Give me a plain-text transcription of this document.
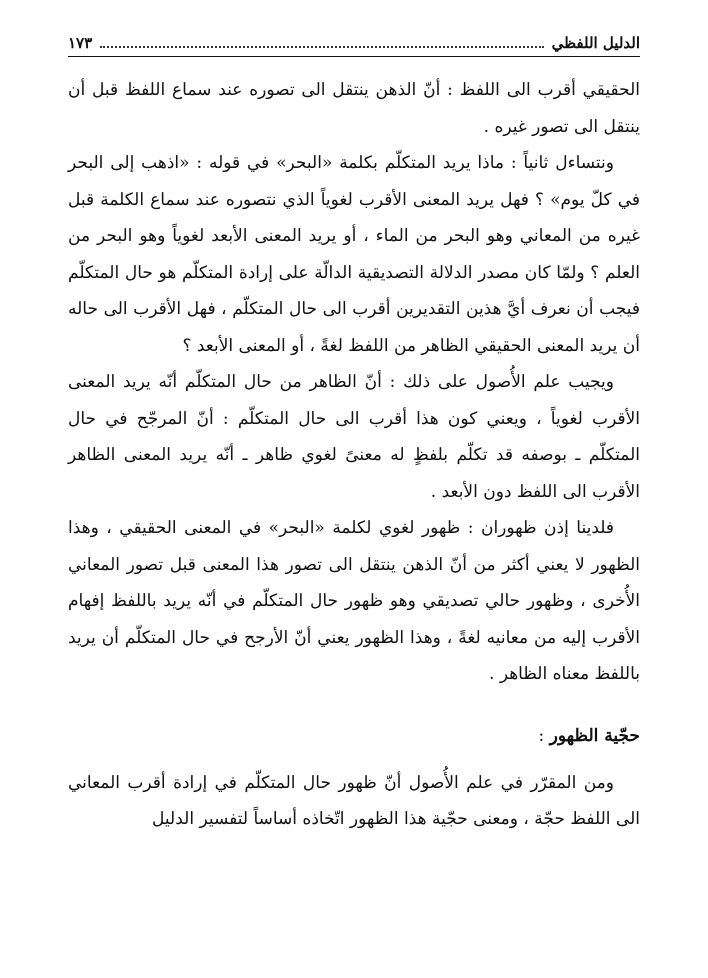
الدليل اللفظي
١٧٣

الحقيقي أقرب الى اللفظ : أنّ الذهن ينتقل الى تصوره عند سماع اللفظ قبل أن ينتقل الى تصور غيره .

ونتساءل ثانياً : ماذا يريد المتكلّم بكلمة «البحر» في قوله : «اذهب إلى البحر في كلّ يوم» ؟ فهل يريد المعنى الأقرب لغوياً الذي نتصوره عند سماع الكلمة قبل غيره من المعاني وهو البحر من الماء ، أو يريد المعنى الأبعد لغوياً وهو البحر من العلم ؟ ولمّا كان مصدر الدلالة التصديقية الدالّة على إرادة المتكلّم هو حال المتكلّم فيجب أن نعرف أيَّ هذين التقديرين أقرب الى حال المتكلّم ، فهل الأقرب الى حاله أن يريد المعنى الحقيقي الظاهر من اللفظ لغةً ، أو المعنى الأبعد ؟

ويجيب علم الأُصول على ذلك : أنّ الظاهر من حال المتكلّم أنّه يريد المعنى الأقرب لغوياً ، ويعني كون هذا أقرب الى حال المتكلّم : أنّ المرجّح في حال المتكلّم ـ بوصفه قد تكلّم بلفظٍ له معنىً لغوي ظاهر ـ أنّه يريد المعنى الظاهر الأقرب الى اللفظ دون الأبعد .

فلدينا إذن ظهوران : ظهور لغوي لكلمة «البحر» في المعنى الحقيقي ، وهذا الظهور لا يعني أكثر من أنّ الذهن ينتقل الى تصور هذا المعنى قبل تصور المعاني الأُخرى ، وظهور حالي تصديقي وهو ظهور حال المتكلّم في أنّه يريد باللفظ إفهام الأقرب إليه من معانيه لغةً ، وهذا الظهور يعني أنّ الأرجح في حال المتكلّم أن يريد باللفظ معناه الظاهر .

حجّية الظهور :

ومن المقرّر في علم الأُصول أنّ ظهور حال المتكلّم في إرادة أقرب المعاني الى اللفظ حجّة ، ومعنى حجّية هذا الظهور اتّخاذه أساساً لتفسير الدليل
